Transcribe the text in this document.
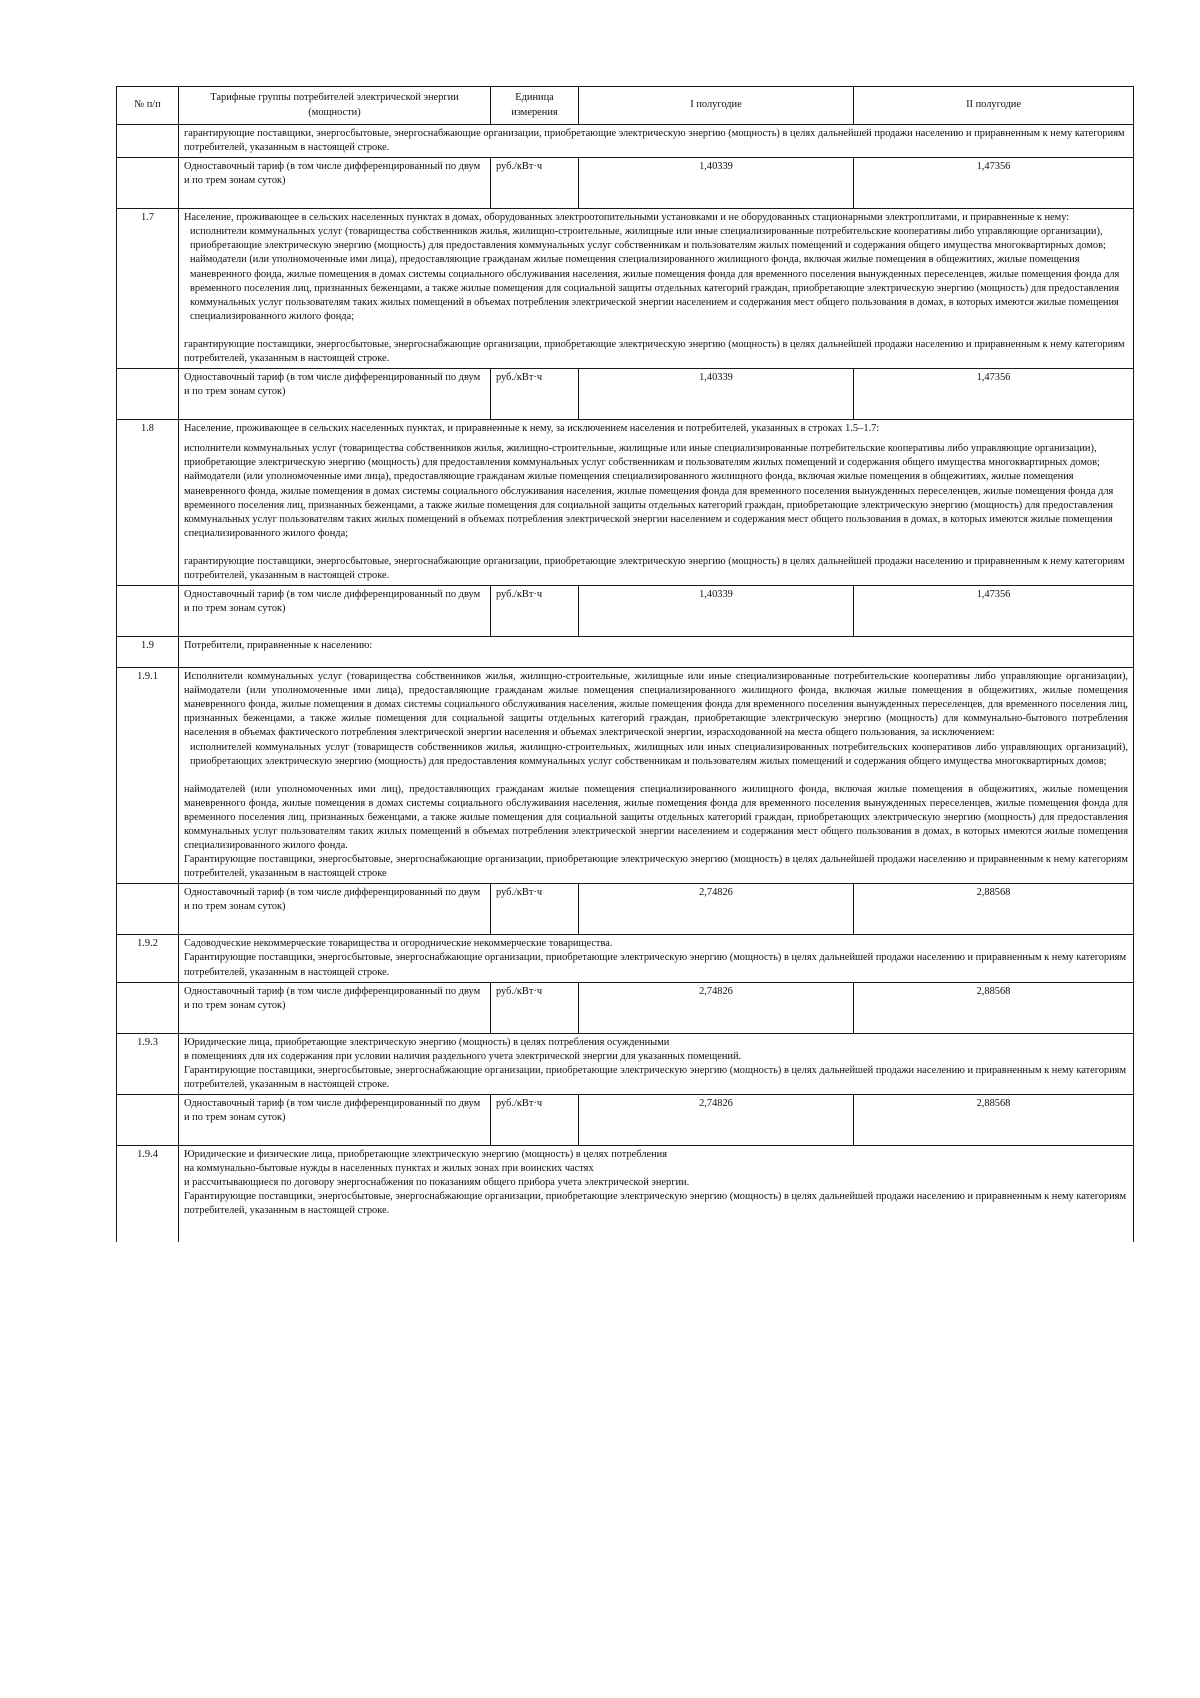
№ п/п	Тарифные группы потребителей электрической энергии (мощности)	Единица измерения	I полугодие	II полугодие
	гарантирующие поставщики, энергосбытовые, энергоснабжающие организации, приобретающие электрическую энергию (мощность) в целях дальнейшей продажи населению и приравненным к нему категориям потребителей, указанным в настоящей строке.			
	Одноставочный тариф (в том числе дифференцированный по двум и по трем зонам суток)	руб./кВт·ч	1,40339	1,47356
1.7	Население, проживающее в сельских населенных пунктах в домах, оборудованных электроотопительными установками и не оборудованных стационарными электроплитами, и приравненные к нему:
исполнители коммунальных услуг (товарищества собственников жилья, жилищно-строительные, жилищные или иные специализированные потребительские кооперативы либо управляющие организации), приобретающие электрическую энергию (мощность) для предоставления коммунальных услуг собственникам и пользователям жилых помещений и содержания общего имущества многоквартирных домов;
наймодатели (или уполномоченные ими лица), предоставляющие гражданам жилые помещения специализированного жилищного фонда, включая жилые помещения в общежитиях, жилые помещения маневренного фонда, жилые помещения в домах системы социального обслуживания населения, жилые помещения фонда для временного поселения вынужденных переселенцев, жилые помещения фонда для временного поселения лиц, признанных беженцами, а также жилые помещения для социальной защиты отдельных категорий граждан, приобретающие электрическую энергию (мощность) для предоставления коммунальных услуг пользователям таких жилых помещений в объемах потребления электрической энергии населением и содержания мест общего пользования в домах, в которых имеются жилые помещения специализированного жилого фонда;
гарантирующие поставщики, энергосбытовые, энергоснабжающие организации, приобретающие электрическую энергию (мощность) в целях дальнейшей продажи населению и приравненным к нему категориям потребителей, указанным в настоящей строке.			

	Одноставочный тариф (в том числе дифференцированный по двум и по трем зонам суток)	руб./кВт·ч	1,40339	1,47356
1.8	Население, проживающее в сельских населенных пунктах, и приравненные к нему, за исключением населения и потребителей, указанных в строках 1.5–1.7:
исполнители коммунальных услуг (товарищества собственников жилья, жилищно-строительные, жилищные или иные специализированные потребительские кооперативы либо управляющие организации), приобретающие электрическую энергию (мощность) для предоставления коммунальных услуг собственникам и пользователям жилых помещений и содержания общего имущества многоквартирных домов;
наймодатели (или уполномоченные ими лица), предоставляющие гражданам жилые помещения специализированного жилищного фонда, включая жилые помещения в общежитиях, жилые помещения маневренного фонда, жилые помещения в домах системы социального обслуживания населения, жилые помещения фонда для временного поселения вынужденных переселенцев, жилые помещения фонда для временного поселения лиц, признанных беженцами, а также жилые помещения для социальной защиты отдельных категорий граждан, приобретающие электрическую энергию (мощность) для предоставления коммунальных услуг пользователям таких жилых помещений в объемах потребления электрической энергии населением и содержания мест общего пользования в домах, в которых имеются жилые помещения специализированного жилого фонда;
гарантирующие поставщики, энергосбытовые, энергоснабжающие организации, приобретающие электрическую энергию (мощность) в целях дальнейшей продажи населению и приравненным к нему категориям потребителей, указанным в настоящей строке.			

	Одноставочный тариф (в том числе дифференцированный по двум и по трем зонам суток)	руб./кВт·ч	1,40339	1,47356
1.9	Потребители, приравненные к населению:			
1.9.1	Исполнители коммунальных услуг (товарищества собственников жилья, жилищно-строительные, жилищные или иные специализированные потребительские кооперативы либо управляющие организации), наймодатели (или уполномоченные ими лица), предоставляющие гражданам жилые помещения специализированного жилищного фонда, включая жилые помещения в общежитиях, жилые помещения маневренного фонда, жилые помещения в домах системы социального обслуживания населения, жилые помещения фонда для временного поселения вынужденных переселенцев, для временного поселения лиц, признанных беженцами, а также жилые помещения для социальной защиты отдельных категорий граждан, приобретающие электрическую энергию (мощность) для коммунально-бытового потребления населения в объемах фактического потребления электрической энергии населения и объемах электрической энергии, израсходованной на места общего пользования, за исключением:
исполнителей коммунальных услуг (товариществ собственников жилья, жилищно-строительных, жилищных или иных специализированных потребительских кооперативов либо управляющих организаций), приобретающих электрическую энергию (мощность) для предоставления коммунальных услуг собственникам и пользователям жилых помещений и содержания общего имущества многоквартирных домов;
наймодателей (или уполномоченных ими лиц), предоставляющих гражданам жилые помещения специализированного жилищного фонда, включая жилые помещения в общежитиях, жилые помещения маневренного фонда, жилые помещения в домах системы социального обслуживания населения, жилые помещения фонда для временного поселения вынужденных переселенцев, жилые помещения фонда для временного поселения лиц, признанных беженцами, а также жилые помещения для социальной защиты отдельных категорий граждан, приобретающих электрическую энергию (мощность) для предоставления коммунальных услуг пользователям таких жилых помещений в объемах потребления электрической энергии населением и содержания мест общего пользования в домах, в которых имеются жилые помещения специализированного жилого фонда.
Гарантирующие поставщики, энергосбытовые, энергоснабжающие организации, приобретающие электрическую энергию (мощность) в целях дальнейшей продажи населению и приравненным к нему категориям потребителей, указанным в настоящей строке			

	Одноставочный тариф (в том числе дифференцированный по двум и по трем зонам суток)	руб./кВт·ч	2,74826	2,88568
1.9.2	Садоводческие некоммерческие товарищества и огороднические некоммерческие товарищества.
Гарантирующие поставщики, энергосбытовые, энергоснабжающие организации, приобретающие электрическую энергию (мощность) в целях дальнейшей продажи населению и приравненным к нему категориям потребителей, указанным в настоящей строке.			

	Одноставочный тариф (в том числе дифференцированный по двум и по трем зонам суток)	руб./кВт·ч	2,74826	2,88568
1.9.3	Юридические лица, приобретающие электрическую энергию (мощность) в целях потребления осужденными
в помещениях для их содержания при условии наличия раздельного учета электрической энергии для указанных помещений.
Гарантирующие поставщики, энергосбытовые, энергоснабжающие организации, приобретающие электрическую энергию (мощность) в целях дальнейшей продажи населению и приравненным к нему категориям потребителей, указанным в настоящей строке.			

	Одноставочный тариф (в том числе дифференцированный по двум и по трем зонам суток)	руб./кВт·ч	2,74826	2,88568
1.9.4	Юридические и физические лица, приобретающие электрическую энергию (мощность) в целях потребления
на коммунально-бытовые нужды в населенных пунктах и жилых зонах при воинских частях
и рассчитывающиеся по договору энергоснабжения по показаниям общего прибора учета электрической энергии.
Гарантирующие поставщики, энергосбытовые, энергоснабжающие организации, приобретающие электрическую энергию (мощность) в целях дальнейшей продажи населению и приравненным к нему категориям потребителей, указанным в настоящей строке.			
